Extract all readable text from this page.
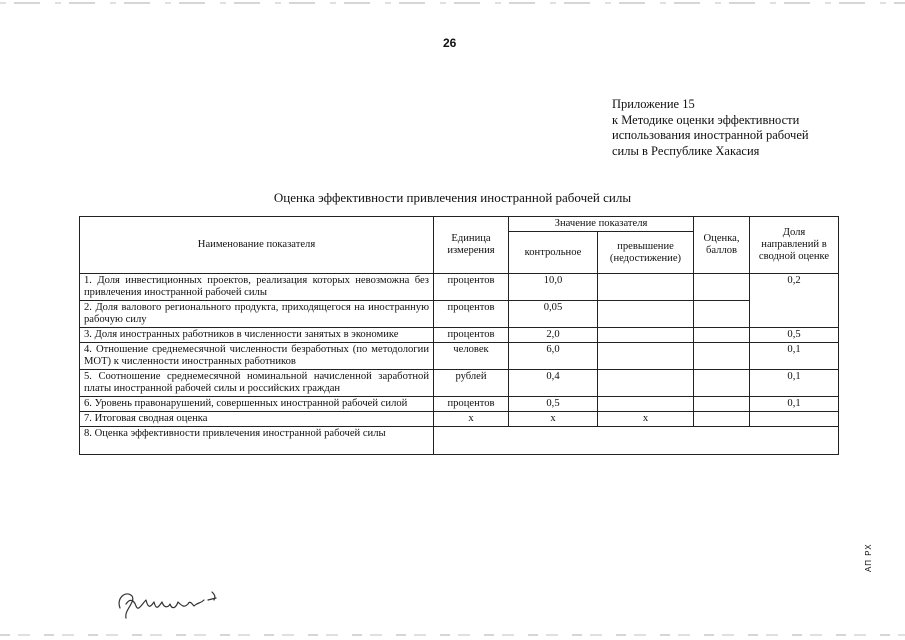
26
Приложение 15
к Методике оценки эффективности
использования иностранной рабочей
силы в Республике Хакасия
Оценка эффективности привлечения иностранной рабочей силы
Наименование показателя	Единица измерения	Значение показателя		Оценка, баллов	Доля направлений в сводной оценке
		контрольное	превышение (недостижение)		
1. Доля инвестиционных проектов, реализация которых невозможна без привлечения иностранной рабочей силы	процентов	10,0			0,2
2. Доля валового регионального продукта, приходящегося на иностранную рабочую силу	процентов	0,05			
3. Доля иностранных работников в численности занятых в экономике	процентов	2,0			0,5
4. Отношение среднемесячной численности безработных (по методологии МОТ) к численности иностранных работников	человек	6,0			0,1
5. Соотношение среднемесячной номинальной начисленной заработной платы иностранной рабочей силы и российских граждан	рублей	0,4			0,1
6. Уровень правонарушений, совершенных иностранной рабочей силой	процентов	0,5			0,1
7. Итоговая сводная оценка	х	х	х		
8. Оценка эффективности привлечения иностранной рабочей силы					
АП РХ
